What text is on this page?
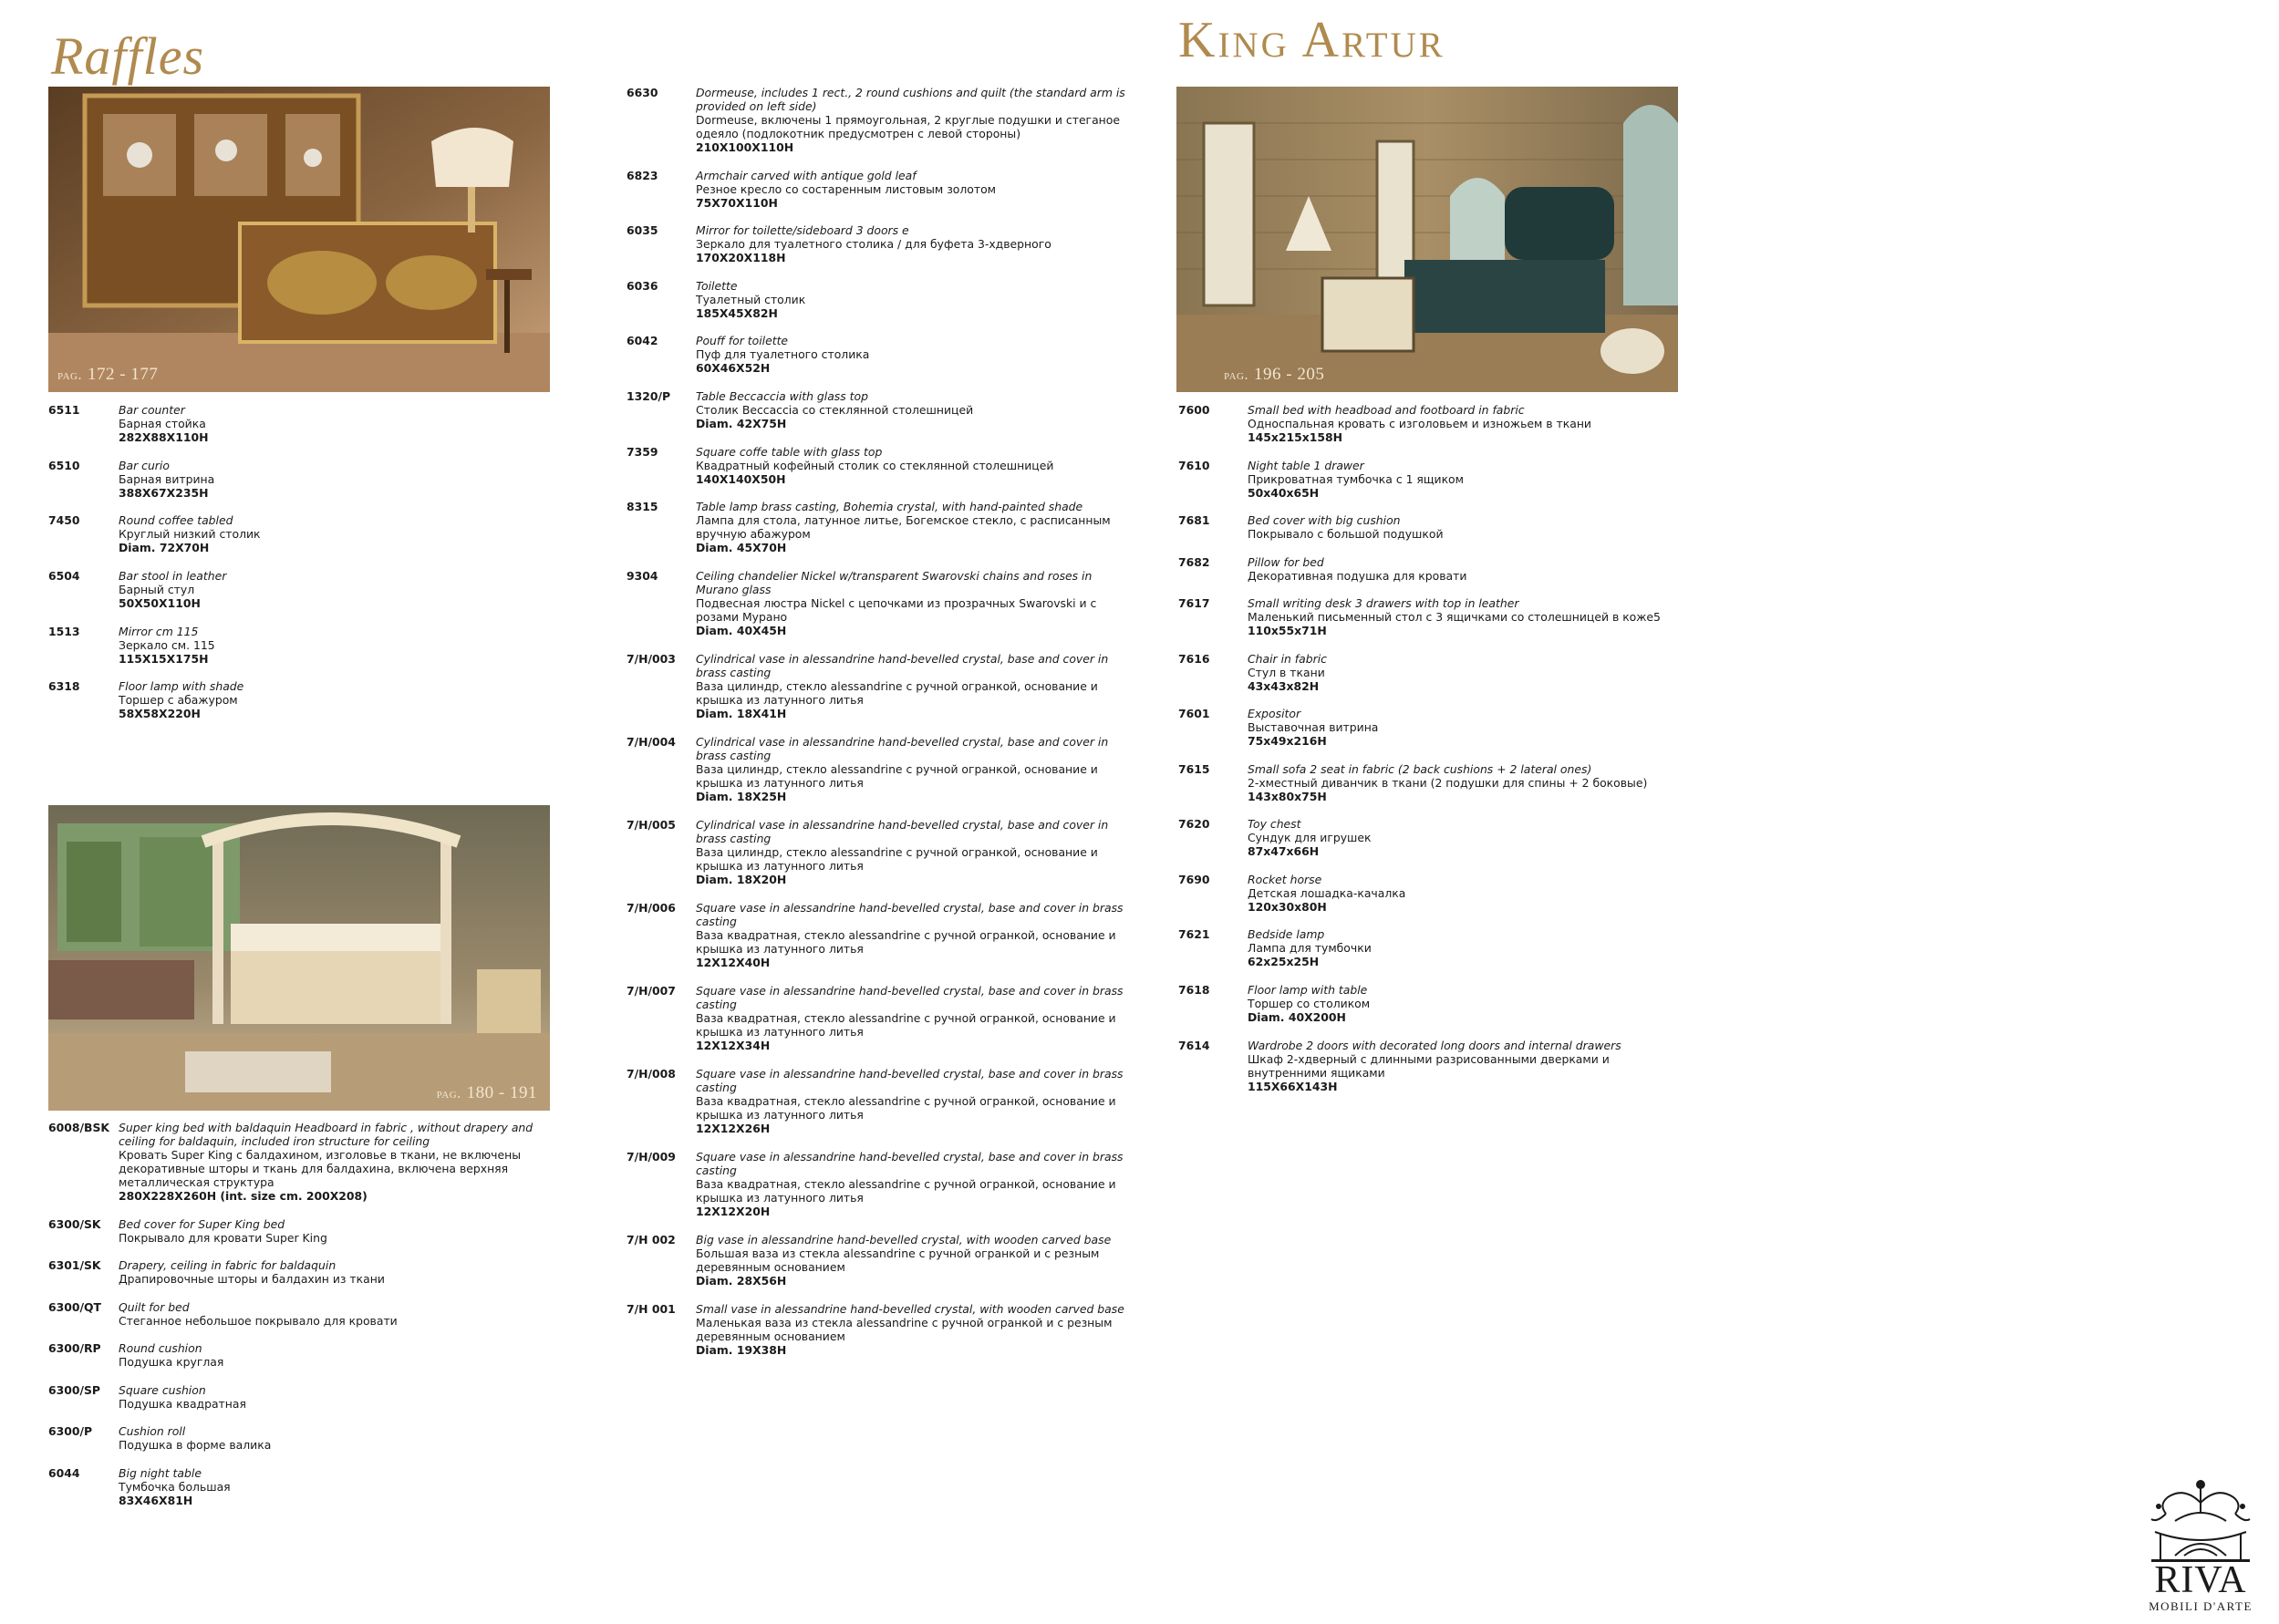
Raffles	King Artur
pag. 172 - 177
pag. 180 - 191
pag. 196 - 205
6511	Bar counter
Барная стойка
282X88X110H
6510	Bar curio
Барная витрина
388X67X235H
7450	Round coffee tabled
Круглый низкий столик
Diam. 72X70H
6504	Bar stool in leather
Барный стул
50X50X110H
1513	Mirror cm 115
Зеркало см. 115
115X15X175H
6318	Floor lamp with shade
Торшер с абажуром
58X58X220H
6008/BSK Super king bed with baldaquin Headboard in fabric , without drapery and ceiling for baldaquin, included iron structure for ceiling
Кровать Super King с балдахином, изголовье в ткани, не включены декоративные шторы и ткань для балдахина, включена верхняя металлическая структура
280X228X260H (int. size cm. 200X208)
6300/SK Bed cover for Super King bed
Покрывало для кровати Super King
6301/SK Drapery, ceiling in fabric for baldaquin
Драпировочные шторы и балдахин из ткани
6300/QT Quilt for bed
Стеганное небольшое покрывало для кровати
6300/RP Round cushion
Подушка круглая
6300/SP Square cushion
Подушка квадратная
6300/P Cushion roll
Подушка в форме валика
6044	Big night table
Тумбочка большая
83X46X81H
6630	Dormeuse, includes 1 rect., 2 round cushions and quilt (the standard arm is provided on left side)
Dormeuse, включены 1 прямоугольная, 2 круглые подушки и стеганое одеяло (подлокотник предусмотрен с левой стороны)
210X100X110H
6823	Armchair carved with antique gold leaf
Резное кресло со состаренным листовым золотом
75X70X110H
6035	Mirror for toilette/sideboard 3 doors e
Зеркало для туалетного столика / для буфета 3-хдверного
170X20X118H
6036	Toilette
Туалетный столик
185X45X82H
6042	Pouff for toilette
Пуф для туалетного столика
60X46X52H
1320/P Table Beccaccia with glass top
Столик Beccaccia со стеклянной столешницей
Diam. 42X75H
7359	Square coffe table with glass top
Квадратный кофейный столик со стеклянной столешницей
140X140X50H
8315	Table lamp brass casting, Bohemia crystal, with hand-painted shade
Лампа для стола, латунное литье, Богемское стекло, с расписанным вручную абажуром
Diam. 45X70H
9304	Ceiling chandelier Nickel w/transparent Swarovski chains and roses in Murano glass
Подвесная люстра Nickel с цепочками из прозрачных Swarovski и с розами Мурано
Diam. 40X45H
7/H/003 Cylindrical vase in alessandrine hand-bevelled crystal, base and cover in brass casting
Ваза цилиндр, стекло alessandrine с ручной огранкой, основание и крышка из латунного литья
Diam. 18X41H
7/H/004 Cylindrical vase in alessandrine hand-bevelled crystal, base and cover in brass casting
Ваза цилиндр, стекло alessandrine с ручной огранкой, основание и крышка из латунного литья
Diam. 18X25H
7/H/005 Cylindrical vase in alessandrine hand-bevelled crystal, base and cover in brass casting
Ваза цилиндр, стекло alessandrine с ручной огранкой, основание и крышка из латунного литья
Diam. 18X20H
7/H/006 Square vase in alessandrine hand-bevelled crystal, base and cover in brass casting
Ваза квадратная, стекло alessandrine с ручной огранкой, основание и крышка из латунного литья
12X12X40H
7/H/007 Square vase in alessandrine hand-bevelled crystal, base and cover in brass casting
Ваза квадратная, стекло alessandrine с ручной огранкой, основание и крышка из латунного литья
12X12X34H
7/H/008 Square vase in alessandrine hand-bevelled crystal, base and cover in brass casting
Ваза квадратная, стекло alessandrine с ручной огранкой, основание и крышка из латунного литья
12X12X26H
7/H/009 Square vase in alessandrine hand-bevelled crystal, base and cover in brass casting
Ваза квадратная, стекло alessandrine с ручной огранкой, основание и крышка из латунного литья
12X12X20H
7/H 002 Big vase in alessandrine hand-bevelled crystal, with wooden carved base
Большая ваза из стекла alessandrine с ручной огранкой и с резным деревянным основанием
Diam. 28X56H
7/H 001 Small vase in alessandrine hand-bevelled crystal, with wooden carved base
Маленькая ваза из стекла alessandrine с ручной огранкой и с резным деревянным основанием
Diam. 19X38H
7600	Small bed with headboad and footboard in fabric
Односпальная кровать с изголовьем и изножьем в ткани
145x215x158H
7610	Night table 1 drawer
Прикроватная тумбочка с 1 ящиком
50x40x65H
7681	Bed cover with big cushion
Покрывало с большой подушкой
7682	Pillow for bed
Декоративная подушка для кровати
7617	Small writing desk 3 drawers with top in leather
Маленький письменный стол с 3 ящичками со столешницей в коже5
110x55x71H
7616	Chair in fabric
Стул в ткани
43x43x82H
7601	Expositor
Выставочная витрина
75x49x216H
7615	Small sofa 2 seat in fabric (2 back cushions + 2 lateral ones)
2-хместный диванчик в ткани (2 подушки для спины + 2 боковые)
143x80x75H
7620	Toy chest
Сундук для игрушек
87x47x66H
7690	Rocket horse
Детская лошадка-качалка
120x30x80H
7621	Bedside lamp
Лампа для тумбочки
62x25x25H
7618	Floor lamp with table
Торшер со столиком
Diam. 40X200H
7614	Wardrobe 2 doors with decorated long doors and internal drawers
Шкаф 2-хдверный с длинными разрисованными дверками и внутренними ящиками
115X66X143H
RIVA
MOBILI D'ARTE
